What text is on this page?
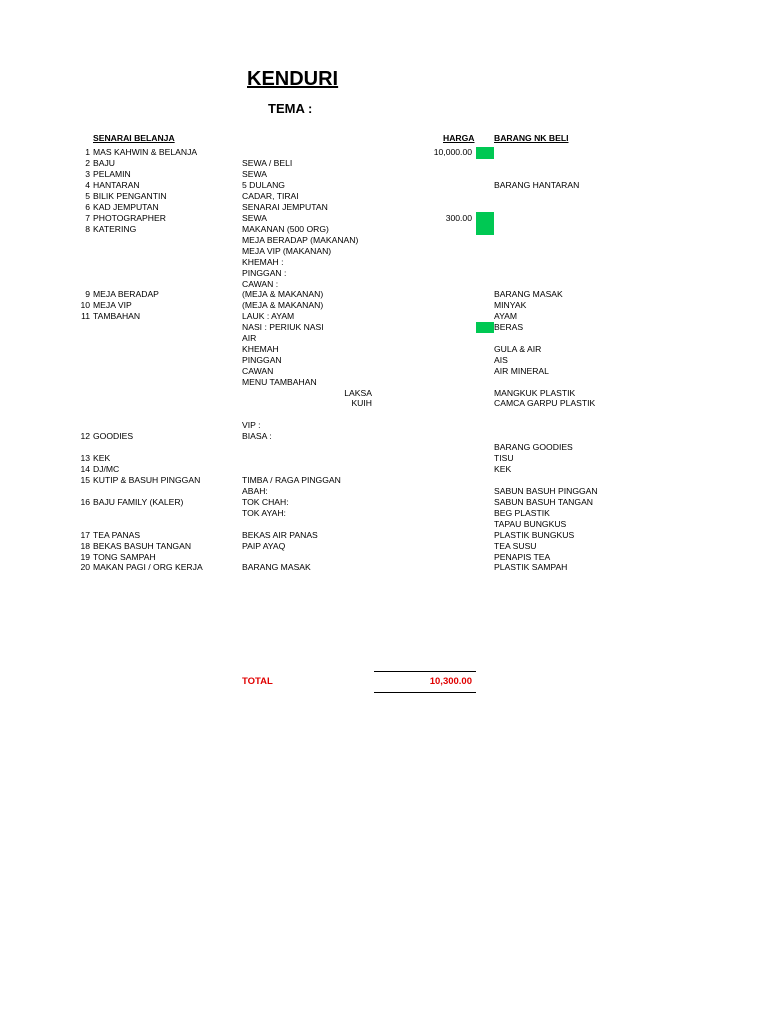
KENDURI
TEMA :
SENARAI BELANJA	HARGA BARANG NK BELI
1 MAS KAHWIN & BELANJA
2 BAJU
3 PELAMIN
4 HANTARAN
5 BILIK PENGANTIN
6 KAD JEMPUTAN
7 PHOTOGRAPHER
8 KATERING
9 MEJA BERADAP
10 MEJA VIP
11 TAMBAHAN
12 GOODIES
13 KEK
14 DJ/MC
15 KUTIP & BASUH PINGGAN
16 BAJU FAMILY (KALER)
17 TEA PANAS
18 BEKAS BASUH TANGAN
19 TONG SAMPAH
20 MAKAN PAGI / ORG KERJA
SEWA / BELI
SEWA
5 DULANG
CADAR, TIRAI
SENARAI JEMPUTAN
SEWA
MAKANAN (500 ORG)
MEJA BERADAP (MAKANAN)
MEJA VIP (MAKANAN)
KHEMAH :
PINGGAN :
CAWAN :
(MEJA & MAKANAN)
(MEJA & MAKANAN)
LAUK : AYAM
NASI : PERIUK NASI
AIR
KHEMAH
PINGGAN
CAWAN
MENU TAMBAHAN
LAKSA
KUIH
VIP :
BIASA :
TIMBA / RAGA PINGGAN
ABAH:
TOK CHAH:
TOK AYAH:
BEKAS AIR PANAS
PAIP AYAQ
BARANG MASAK
10,000.00
300.00
BARANG HANTARAN
BARANG MASAK
MINYAK
AYAM
BERAS
GULA & AIR
AIS
AIR MINERAL
MANGKUK PLASTIK
CAMCA GARPU PLASTIK
BARANG GOODIES
TISU
KEK
SABUN BASUH PINGGAN
SABUN BASUH TANGAN
BEG PLASTIK
TAPAU BUNGKUS
PLASTIK BUNGKUS
TEA SUSU
PENAPIS TEA
PLASTIK SAMPAH
TOTAL	10,300.00
